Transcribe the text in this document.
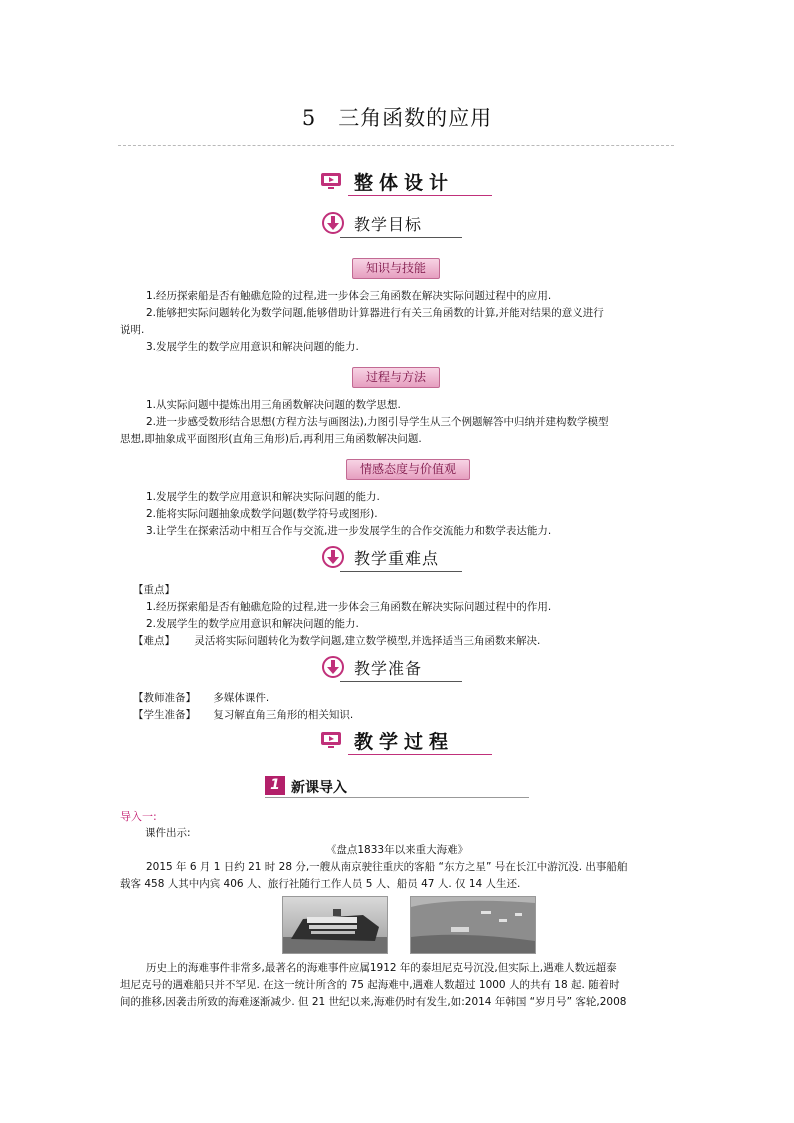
5 三角函数的应用
整体设计
教学目标
知识与技能
1.经历探索船是否有触礁危险的过程,进一步体会三角函数在解决实际问题过程中的应用.
2.能够把实际问题转化为数学问题,能够借助计算器进行有关三角函数的计算,并能对结果的意义进行
说明.
3.发展学生的数学应用意识和解决问题的能力.
过程与方法
1.从实际问题中提炼出用三角函数解决问题的数学思想.
2.进一步感受数形结合思想(方程方法与画图法),力图引导学生从三个例题解答中归纳并建构数学模型
思想,即抽象成平面图形(直角三角形)后,再利用三角函数解决问题.
情感态度与价值观
1.发展学生的数学应用意识和解决实际问题的能力.
2.能将实际问题抽象成数学问题(数学符号或图形).
3.让学生在探索活动中相互合作与交流,进一步发展学生的合作交流能力和数学表达能力.
教学重难点
【重点】
1.经历探索船是否有触礁危险的过程,进一步体会三角函数在解决实际问题过程中的作用.
2.发展学生的数学应用意识和解决问题的能力.
【难点】 灵活将实际问题转化为数学问题,建立数学模型,并选择适当三角函数来解决.
教学准备
【教师准备】 多媒体课件.
【学生准备】 复习解直角三角形的相关知识.
教学过程
1 新课导入
导入一:
课件出示:
《盘点1833年以来重大海难》
2015 年 6 月 1 日约 21 时 28 分,一艘从南京驶往重庆的客船 “东方之星” 号在长江中游沉没. 出事船舶
载客 458 人其中内宾 406 人、旅行社随行工作人员 5 人、船员 47 人. 仅 14 人生还.
历史上的海难事件非常多,最著名的海难事件应属1912 年的泰坦尼克号沉没,但实际上,遇难人数远超泰
坦尼克号的遇难船只并不罕见. 在这一统计所含的 75 起海难中,遇难人数超过 1000 人的共有 18 起. 随着时
间的推移,因袭击所致的海难逐渐减少. 但 21 世纪以来,海难仍时有发生,如:2014 年韩国 “岁月号” 客轮,2008
